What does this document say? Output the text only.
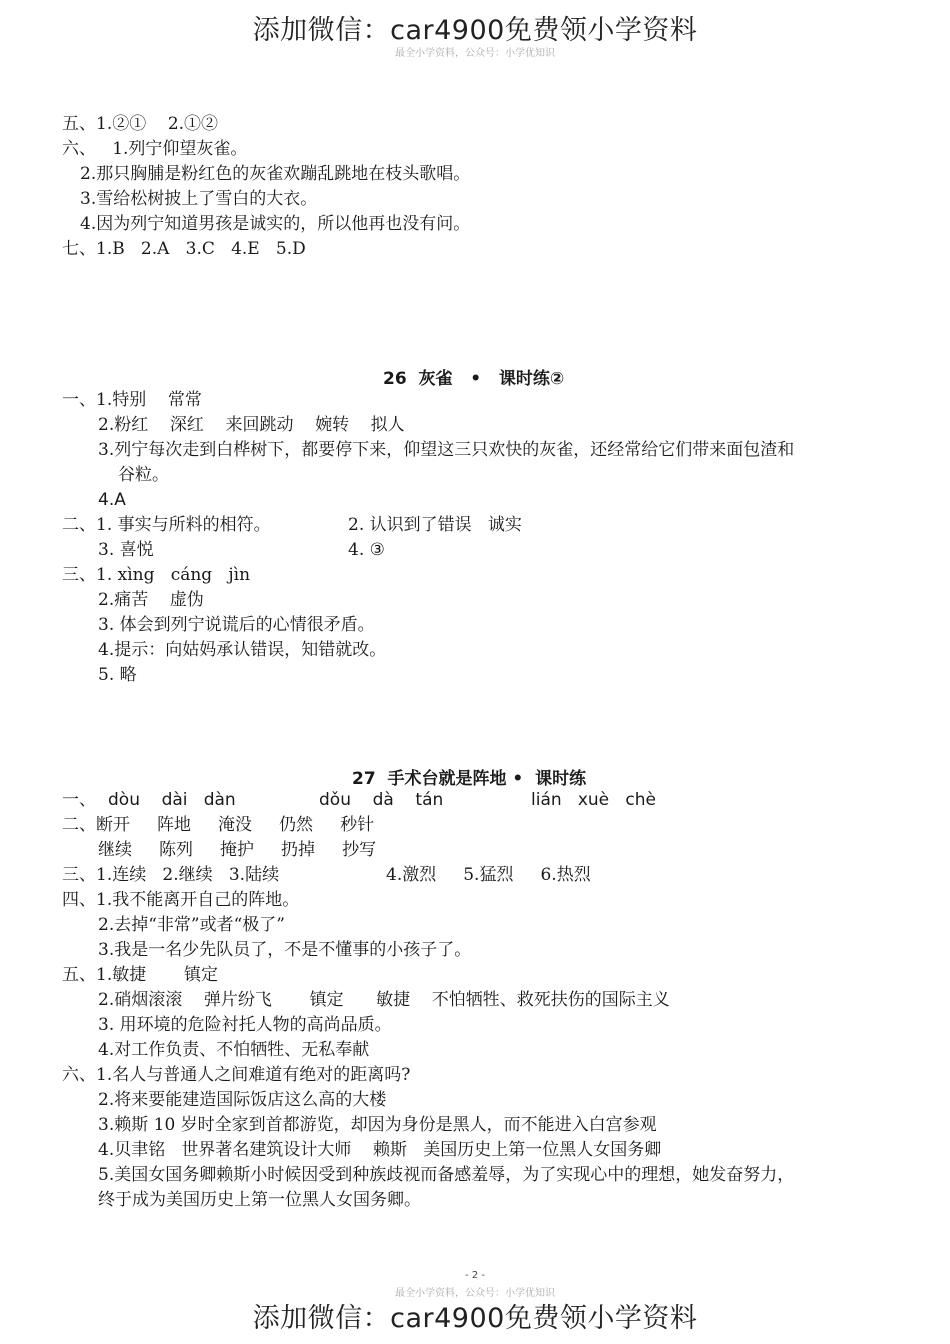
添加微信：car4900免费领小学资料
最全小学资料，公众号：小学优知识
五、1.②①    2.①②
六、   1.列宁仰望灰雀。
2.那只胸脯是粉红色的灰雀欢蹦乱跳地在枝头歌唱。
3.雪给松树披上了雪白的大衣。
4.因为列宁知道男孩是诚实的，所以他再也没有问。
七、1.B   2.A   3.C   4.E   5.D
26  灰雀   •   课时练②
一、1.特别    常常
2.粉红    深红    来回跳动    婉转    拟人
3.列宁每次走到白桦树下，都要停下来，仰望这三只欢快的灰雀，还经常给它们带来面包渣和
谷粒。
4.A
二、1. 事实与所料的相符。	2. 认识到了错误   诚实
3. 喜悦	4. ③
三、1. xìng   cáng   jìn
2.痛苦    虚伪
3. 体会到列宁说谎后的心情很矛盾。
4.提示：向姑妈承认错误，知错就改。
5. 略
27  手术台就是阵地 •  课时练
一、 dòu    dài   dàn	dǒu    dà    tán	lián   xuè   chè
二、断开     阵地     淹没     仍然     秒针
继续     陈列     掩护     扔掉     抄写
三、1.连续   2.继续   3.陆续	4.激烈     5.猛烈     6.热烈
四、1.我不能离开自己的阵地。
2.去掉“非常”或者“极了”
3.我是一名少先队员了，不是不懂事的小孩子了。
五、1.敏捷       镇定
2.硝烟滚滚    弹片纷飞       镇定      敏捷    不怕牺牲、救死扶伤的国际主义
3. 用环境的危险衬托人物的高尚品质。
4.对工作负责、不怕牺牲、无私奉献
六、1.名人与普通人之间难道有绝对的距离吗?
2.将来要能建造国际饭店这么高的大楼
3.赖斯 10 岁时全家到首都游览，却因为身份是黑人，而不能进入白宫参观
4.贝聿铭   世界著名建筑设计大师    赖斯   美国历史上第一位黑人女国务卿
5.美国女国务卿赖斯小时候因受到种族歧视而备感羞辱，为了实现心中的理想，她发奋努力，
终于成为美国历史上第一位黑人女国务卿。
- 2 -
最全小学资料，公众号：小学优知识
添加微信：car4900免费领小学资料
